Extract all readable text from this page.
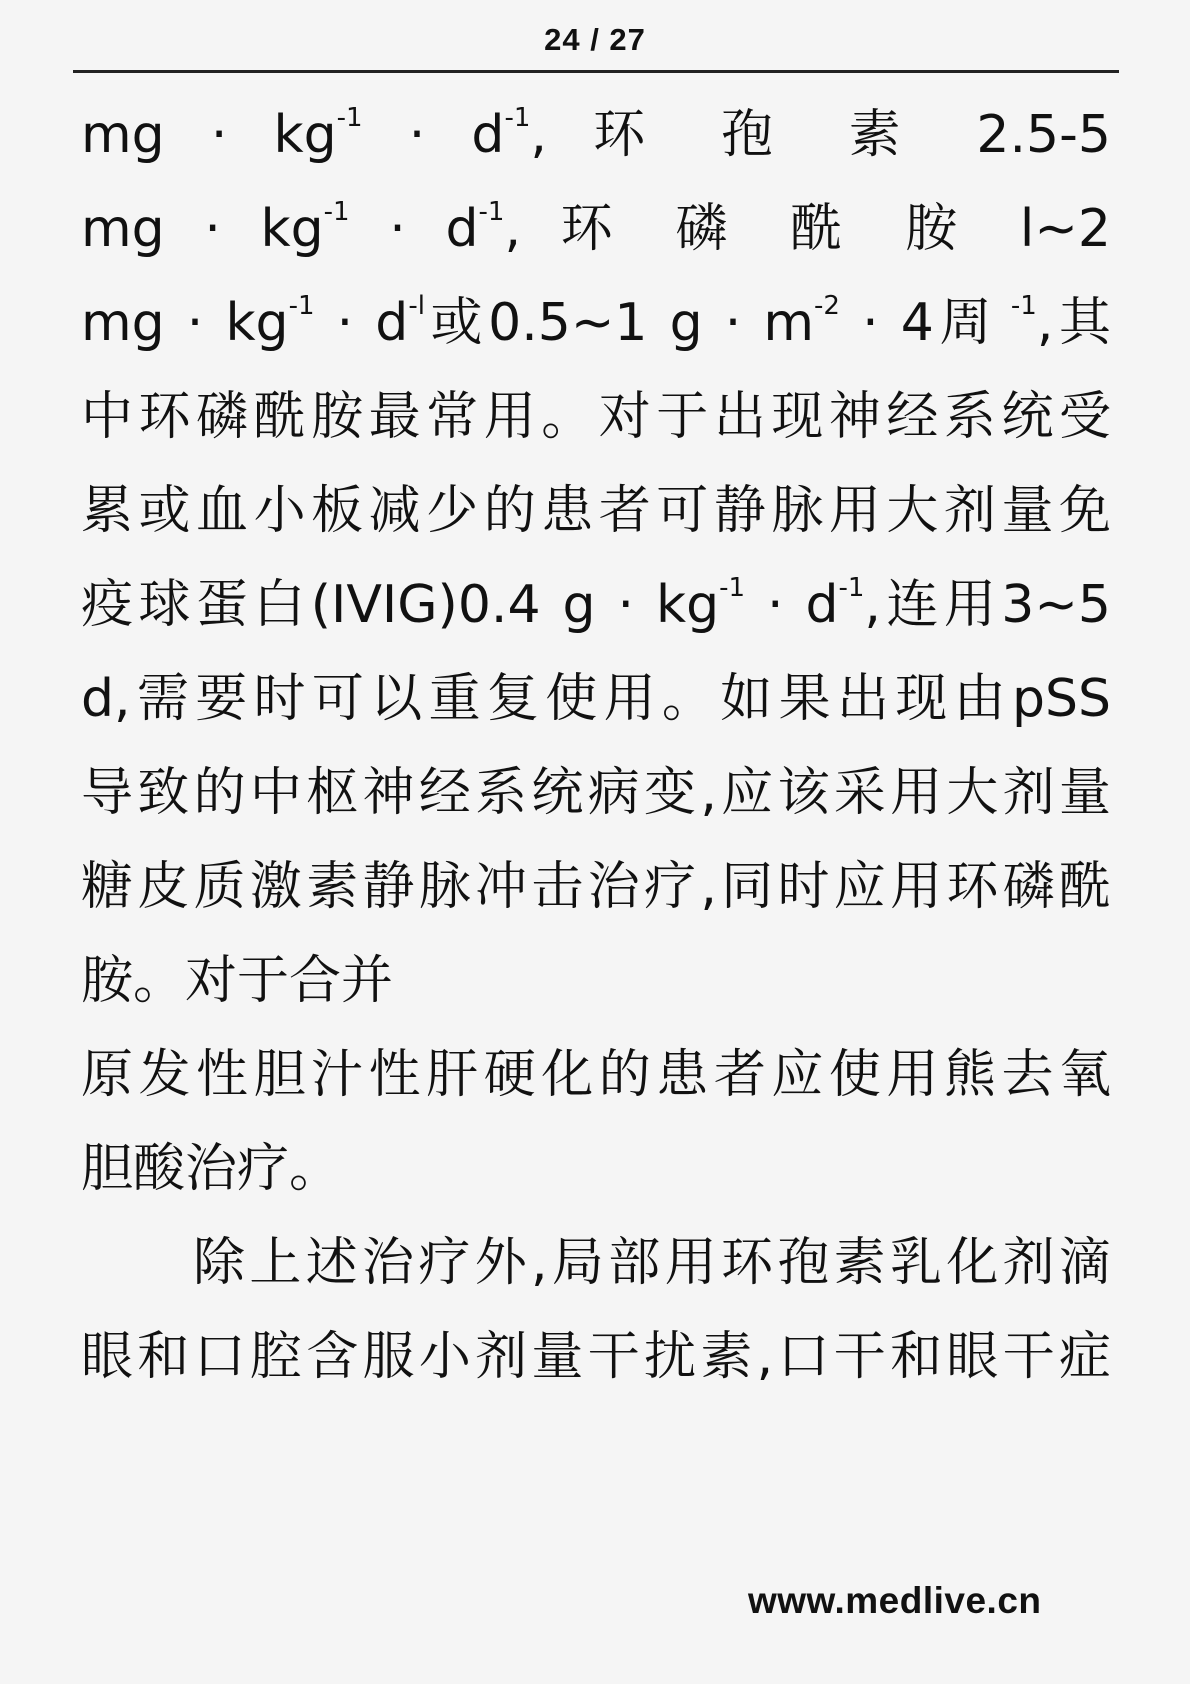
24 / 27
mg · $kg^{-1} \cdot d^{-1}$, 环 孢 素 2.5-5
mg · $kg^{-1} \cdot d^{-1}$, 环 磷 酰 胺 l~2
mg · $kg^{-1} \cdot d^{-l}$或0.5~1 $g \cdot m^{-2} \cdot 4$周 $^{-1}$,其
中环磷酰胺最常用。对于出现神经系统受
累或血小板减少的患者可静脉用大剂量免
疫球蛋白(IVIG)0.4 $g \cdot kg^{-1} \cdot d^{-1}$,连用3~5
d,需要时可以重复使用。如果出现由pSS
导致的中枢神经系统病变,应该采用大剂量
糖皮质激素静脉冲击治疗,同时应用环磷酰
胺。对于合并
原发性胆汁性肝硬化的患者应使用熊去氧
胆酸治疗。
除上述治疗外,局部用环孢素乳化剂滴
眼和口腔含服小剂量干扰素,口干和眼干症
www.medlive.cn
